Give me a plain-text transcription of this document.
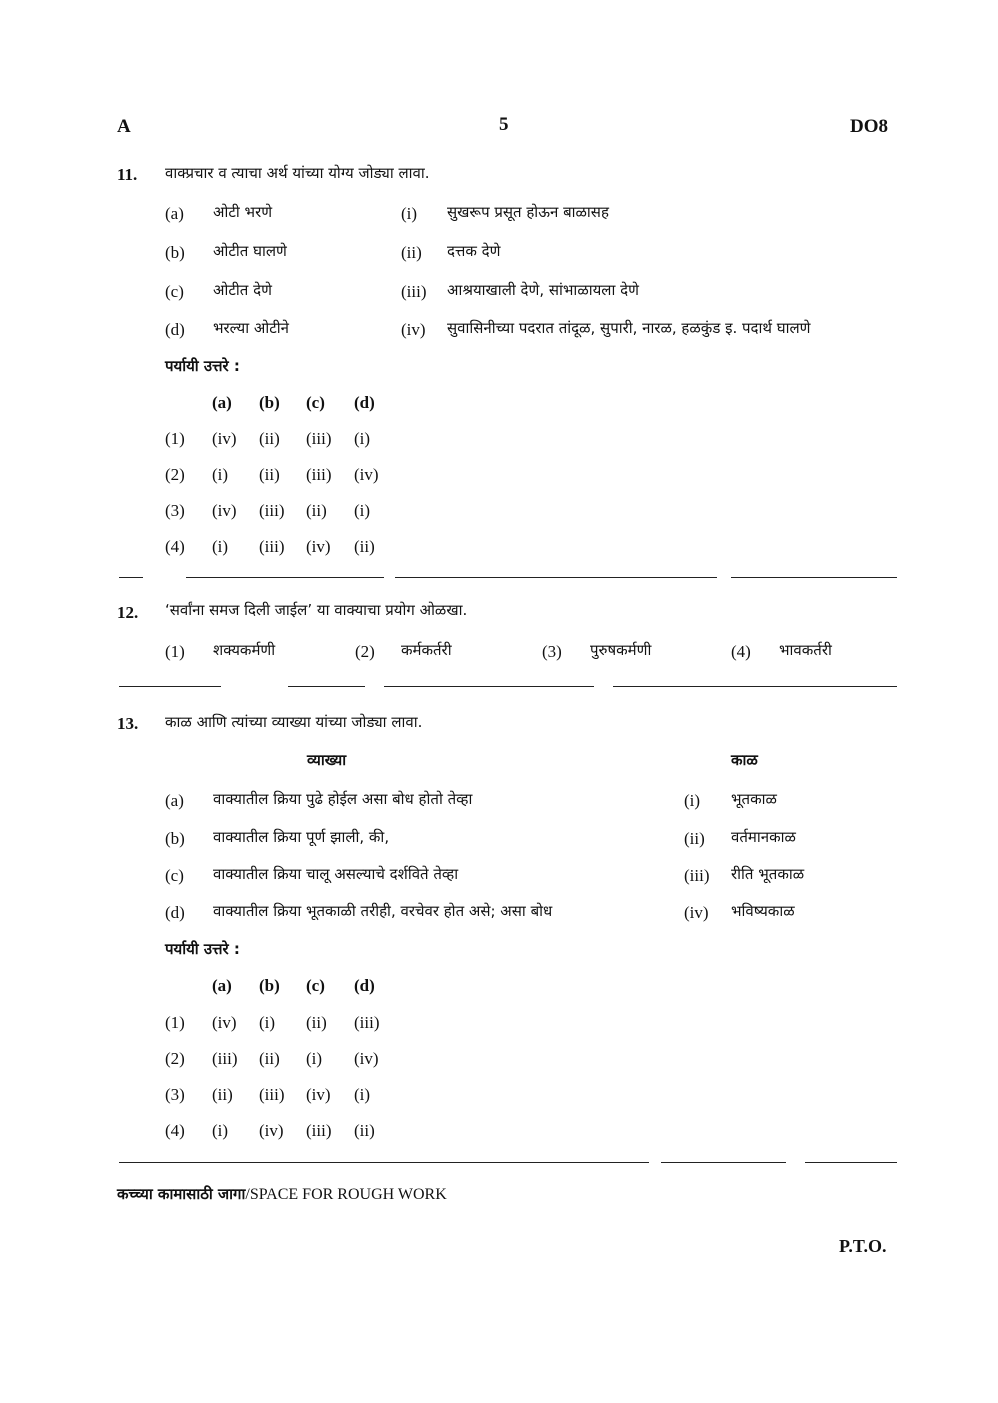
A	5	DO8
11. वाक्प्रचार व त्याचा अर्थ यांच्या योग्य जोड्या लावा.
(a) ओटी भरणे	(i) सुखरूप प्रसूत होऊन बाळासह
(b) ओटीत घालणे	(ii) दत्तक देणे
(c) ओटीत देणे	(iii) आश्रयाखाली देणे, सांभाळायला देणे
(d) भरल्या ओटीने	(iv) सुवासिनीच्या पदरात तांदूळ, सुपारी, नारळ, हळकुंड इ. पदार्थ घालणे
पर्यायी उत्तरे :
(a) (b) (c) (d)
(1) (iv) (ii) (iii) (i)
(2) (i) (ii) (iii) (iv)
(3) (iv) (iii) (ii) (i)
(4) (i) (iii) (iv) (ii)
12. ‘सर्वांना समज दिली जाईल’ या वाक्याचा प्रयोग ओळखा.
(1) शक्यकर्मणी	(2) कर्मकर्तरी	(3) पुरुषकर्मणी	(4) भावकर्तरी
13. काळ आणि त्यांच्या व्याख्या यांच्या जोड्या लावा.
व्याख्या	काळ
(a) वाक्यातील क्रिया पुढे होईल असा बोध होतो तेव्हा	(i) भूतकाळ
(b) वाक्यातील क्रिया पूर्ण झाली, की,	(ii) वर्तमानकाळ
(c) वाक्यातील क्रिया चालू असल्याचे दर्शविते तेव्हा	(iii) रीति भूतकाळ
(d) वाक्यातील क्रिया भूतकाळी तरीही, वरचेवर होत असे; असा बोध	(iv) भविष्यकाळ
पर्यायी उत्तरे :
(a) (b) (c) (d)
(1) (iv) (i) (ii) (iii)
(2) (iii) (ii) (i) (iv)
(3) (ii) (iii) (iv) (i)
(4) (i) (iv) (iii) (ii)
कच्च्या कामासाठी जागा/SPACE FOR ROUGH WORK
P.T.O.
